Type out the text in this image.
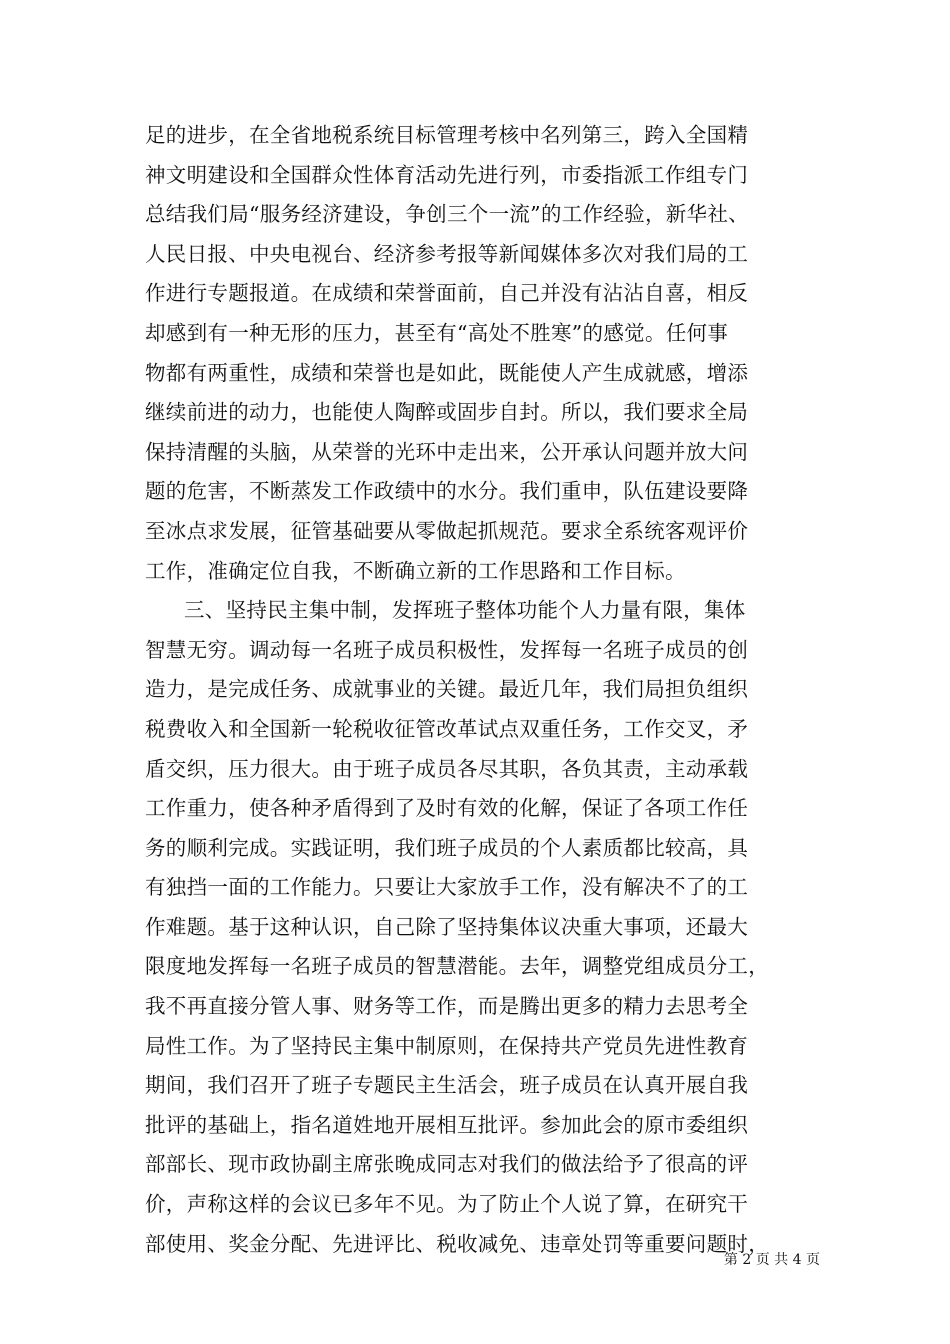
足的进步，在全省地税系统目标管理考核中名列第三，跨入全国精
神文明建设和全国群众性体育活动先进行列，市委指派工作组专门
总结我们局“服务经济建设，争创三个一流”的工作经验，新华社、
人民日报、中央电视台、经济参考报等新闻媒体多次对我们局的工
作进行专题报道。在成绩和荣誉面前，自己并没有沾沾自喜，相反
却感到有一种无形的压力，甚至有“高处不胜寒”的感觉。任何事
物都有两重性，成绩和荣誉也是如此，既能使人产生成就感，增添
继续前进的动力，也能使人陶醉或固步自封。所以，我们要求全局
保持清醒的头脑，从荣誉的光环中走出来，公开承认问题并放大问
题的危害，不断蒸发工作政绩中的水分。我们重申，队伍建设要降
至冰点求发展，征管基础要从零做起抓规范。要求全系统客观评价
工作，准确定位自我，不断确立新的工作思路和工作目标。
三、坚持民主集中制，发挥班子整体功能个人力量有限，集体
智慧无穷。调动每一名班子成员积极性，发挥每一名班子成员的创
造力，是完成任务、成就事业的关键。最近几年，我们局担负组织
税费收入和全国新一轮税收征管改革试点双重任务，工作交叉，矛
盾交织，压力很大。由于班子成员各尽其职，各负其责，主动承载
工作重力，使各种矛盾得到了及时有效的化解，保证了各项工作任
务的顺利完成。实践证明，我们班子成员的个人素质都比较高，具
有独挡一面的工作能力。只要让大家放手工作，没有解决不了的工
作难题。基于这种认识，自己除了坚持集体议决重大事项，还最大
限度地发挥每一名班子成员的智慧潜能。去年，调整党组成员分工，
我不再直接分管人事、财务等工作，而是腾出更多的精力去思考全
局性工作。为了坚持民主集中制原则，在保持共产党员先进性教育
期间，我们召开了班子专题民主生活会，班子成员在认真开展自我
批评的基础上，指名道姓地开展相互批评。参加此会的原市委组织
部部长、现市政协副主席张晚成同志对我们的做法给予了很高的评
价，声称这样的会议已多年不见。为了防止个人说了算，在研究干
部使用、奖金分配、先进评比、税收减免、违章处罚等重要问题时，
第 2 页 共 4 页
